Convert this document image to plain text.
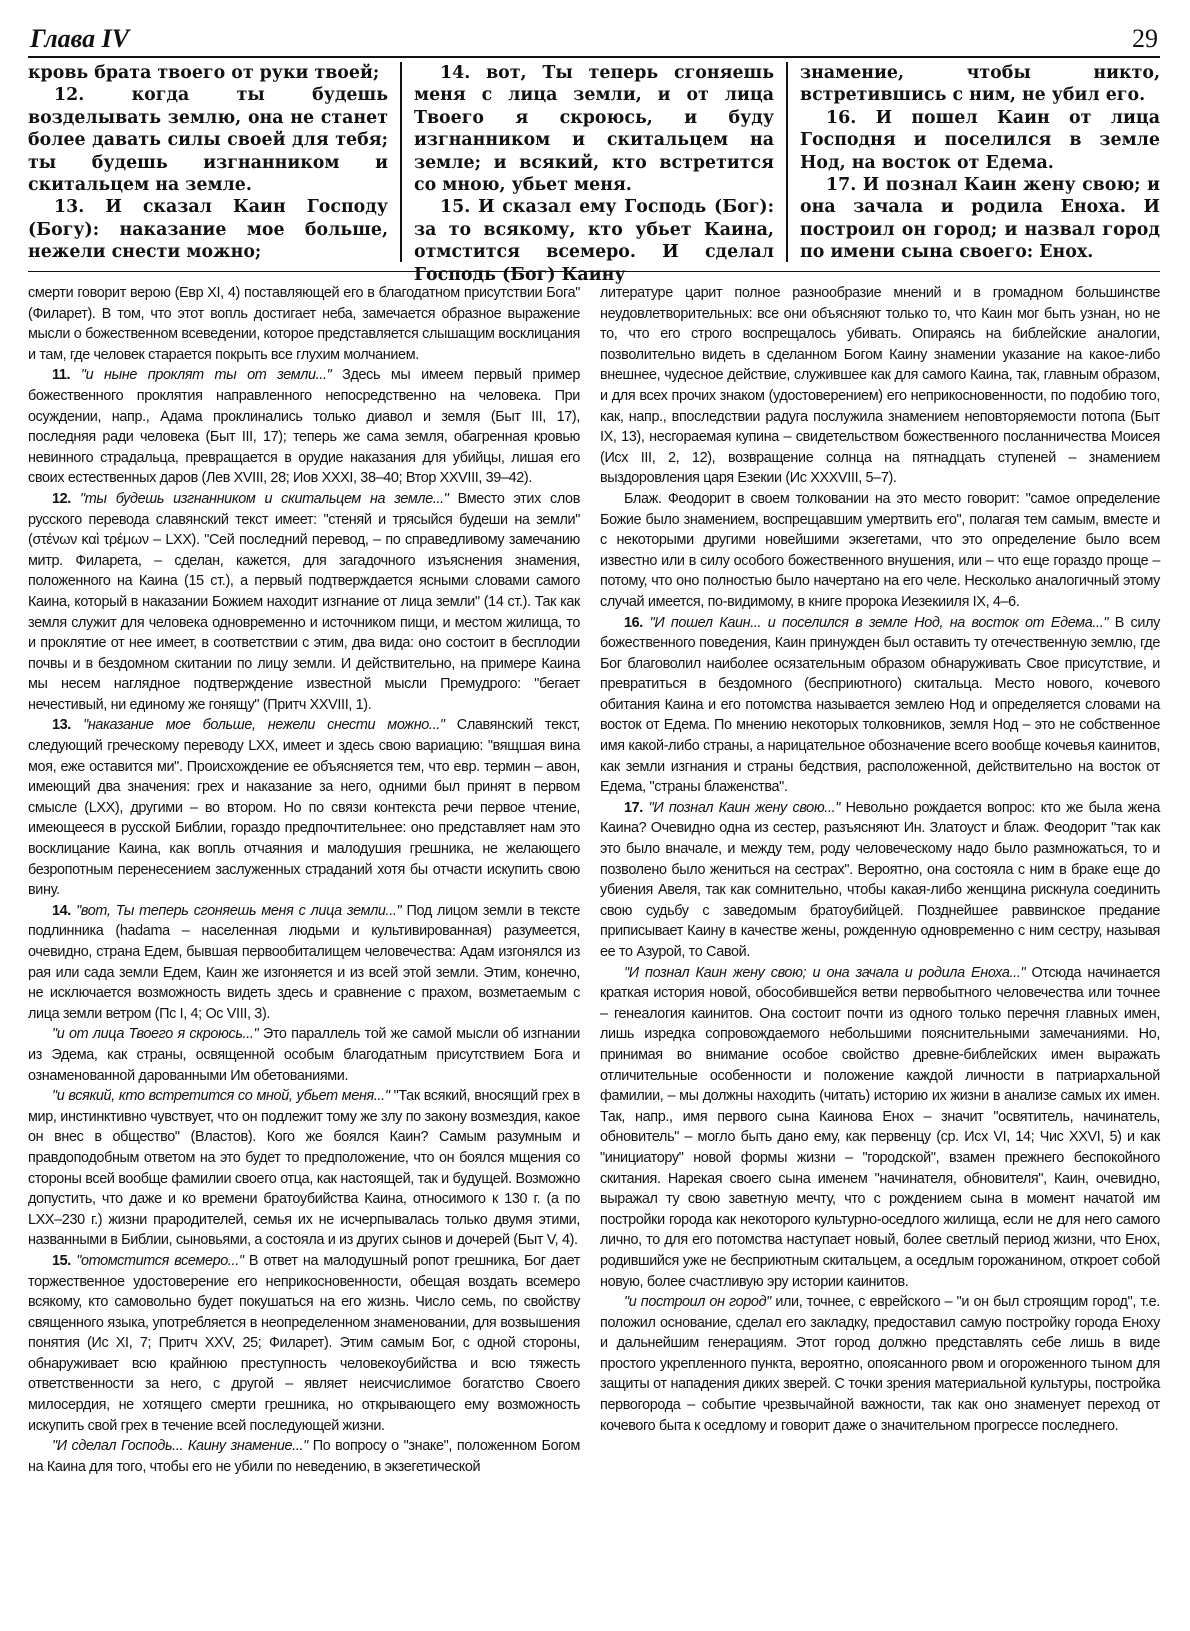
Глава IV	29

кровь брата твоего от руки твоей;

12. когда ты будешь возделывать землю, она не станет более давать силы своей для тебя; ты будешь изгнанником и скитальцем на земле.

13. И сказал Каин Господу (Богу): наказание мое больше, нежели снести можно;

14. вот, Ты теперь сгоняешь меня с лица земли, и от лица Твоего я скроюсь, и буду изгнанником и скитальцем на земле; и всякий, кто встретится со мною, убьет меня.

15. И сказал ему Господь (Бог): за то всякому, кто убьет Каина, отмстится всемеро. И сделал Господь (Бог) Каину

знамение, чтобы никто, встретившись с ним, не убил его.

16. И пошел Каин от лица Господня и поселился в земле Нод, на восток от Едема.

17. И познал Каин жену свою; и она зачала и родила Еноха. И построил он город; и назвал город по имени сына своего: Енох.

смерти говорит верою (Евр XI, 4) поставляющей его в благодатном присутствии Бога" (Филарет). В том, что этот вопль достигает неба, замечается образное выражение мысли о божественном всеведении, которое представляется слышащим восклицания и там, где человек старается покрыть все глухим молчанием.

11. "и ныне проклят ты от земли..." Здесь мы имеем первый пример божественного проклятия направленного непосредственно на человека. При осуждении, напр., Адама проклинались только диавол и земля (Быт III, 17), последняя ради человека (Быт III, 17); теперь же сама земля, обагренная кровью невинного страдальца, превращается в орудие наказания для убийцы, лишая его своих естественных даров (Лев XVIII, 28; Иов XXXI, 38–40; Втор XXVIII, 39–42).

12. "ты будешь изгнанником и скитальцем на земле..." Вместо этих слов русского перевода славянский текст имеет: "стеняй и трясыйся будеши на земли" (στένων καὶ τρέμων – LXX). "Сей последний перевод, – по справедливому замечанию митр. Филарета, – сделан, кажется, для загадочного изъяснения знамения, положенного на Каина (15 ст.), а первый подтверждается ясными словами самого Каина, который в наказании Божием находит изгнание от лица земли" (14 ст.). Так как земля служит для человека одновременно и источником пищи, и местом жилища, то и проклятие от нее имеет, в соответствии с этим, два вида: оно состоит в бесплодии почвы и в бездомном скитании по лицу земли. И действительно, на примере Каина мы несем наглядное подтверждение известной мысли Премудрого: "бегает нечестивый, ни единому же гонящу" (Притч XXVIII, 1).

13. "наказание мое больше, нежели снести можно..." Славянский текст, следующий греческому переводу LXX, имеет и здесь свою вариацию: "вящшая вина моя, еже оставится ми". Происхождение ее объясняется тем, что евр. термин – авон, имеющий два значения: грех и наказание за него, одними был принят в первом смысле (LXX), другими – во втором. Но по связи контекста речи первое чтение, имеющееся в русской Библии, гораздо предпочтительнее: оно представляет нам это восклицание Каина, как вопль отчаяния и малодушия грешника, не желающего безропотным перенесением заслуженных страданий хотя бы отчасти искупить свою вину.

14. "вот, Ты теперь сгоняешь меня с лица земли..." Под лицом земли в тексте подлинника (hadama – населенная людьми и культивированная) разумеется, очевидно, страна Едем, бывшая первообиталищем человечества: Адам изгонялся из рая или сада земли Едем, Каин же изгоняется и из всей этой земли. Этим, конечно, не исключается возможность видеть здесь и сравнение с прахом, возметаемым с лица земли ветром (Пс I, 4; Ос VIII, 3).

"и от лица Твоего я скроюсь..." Это параллель той же самой мысли об изгнании из Эдема, как страны, освященной особым благодатным присутствием Бога и ознаменованной дарованными Им обетованиями.

"и всякий, кто встретится со мной, убьет меня..." "Так всякий, вносящий грех в мир, инстинктивно чувствует, что он подлежит тому же злу по закону возмездия, какое он внес в общество" (Властов). Кого же боялся Каин? Самым разумным и правдоподобным ответом на это будет то предположение, что он боялся мщения со стороны всей вообще фамилии своего отца, как настоящей, так и будущей. Возможно допустить, что даже и ко времени братоубийства Каина, относимого к 130 г. (а по LXX–230 г.) жизни прародителей, семья их не исчерпывалась только двумя этими, названными в Библии, сыновьями, а состояла и из других сынов и дочерей (Быт V, 4).

15. "отомстится всемеро..." В ответ на малодушный ропот грешника, Бог дает торжественное удостоверение его неприкосновенности, обещая воздать всемеро всякому, кто самовольно будет покушаться на его жизнь. Число семь, по свойству священного языка, употребляется в неопределенном знаменовании, для возвышения понятия (Ис XI, 7; Притч XXV, 25; Филарет). Этим самым Бог, с одной стороны, обнаруживает всю крайнюю преступность человекоубийства и всю тяжесть ответственности за него, с другой – являет неисчислимое богатство Своего милосердия, не хотящего смерти грешника, но открывающего ему возможность искупить свой грех в течение всей последующей жизни.

"И сделал Господь... Каину знамение..." По вопросу о "знаке", положенном Богом на Каина для того, чтобы его не убили по неведению, в экзегетической

литературе царит полное разнообразие мнений и в громадном большинстве неудовлетворительных: все они объясняют только то, что Каин мог быть узнан, но не то, что его строго воспрещалось убивать. Опираясь на библейские аналогии, позволительно видеть в сделанном Богом Каину знамении указание на какое-либо внешнее, чудесное действие, служившее как для самого Каина, так, главным образом, и для всех прочих знаком (удостоверением) его неприкосновенности, по подобию того, как, напр., впоследствии радуга послужила знамением неповторяемости потопа (Быт IX, 13), несгораемая купина – свидетельством божественного посланничества Моисея (Исх III, 2, 12), возвращение солнца на пятнадцать ступеней – знамением выздоровления царя Езекии (Ис XXXVIII, 5–7).

Блаж. Феодорит в своем толковании на это место говорит: "самое определение Божие было знамением, воспрещавшим умертвить его", полагая тем самым, вместе и с некоторыми другими новейшими экзегетами, что это определение было всем известно или в силу особого божественного внушения, или – что еще гораздо проще – потому, что оно полностью было начертано на его челе. Несколько аналогичный этому случай имеется, по-видимому, в книге пророка Иезекииля IX, 4–6.

16. "И пошел Каин... и поселился в земле Нод, на восток от Едема..." В силу божественного поведения, Каин принужден был оставить ту отечественную землю, где Бог благоволил наиболее осязательным образом обнаруживать Свое присутствие, и превратиться в бездомного (бесприютного) скитальца. Место нового, кочевого обитания Каина и его потомства называется землею Нод и определяется словами на восток от Едема. По мнению некоторых толковников, земля Нод – это не собственное имя какой-либо страны, а нарицательное обозначение всего вообще кочевья каинитов, как земли изгнания и страны бедствия, расположенной, действительно на восток от Едема, "страны блаженства".

17. "И познал Каин жену свою..." Невольно рождается вопрос: кто же была жена Каина? Очевидно одна из сестер, разъясняют Ин. Златоуст и блаж. Феодорит "так как это было вначале, и между тем, роду человеческому надо было размножаться, то и позволено было жениться на сестрах". Вероятно, она состояла с ним в браке еще до убиения Авеля, так как сомнительно, чтобы какая-либо женщина рискнула соединить свою судьбу с заведомым братоубийцей. Позднейшее раввинское предание приписывает Каину в качестве жены, рожденную одновременно с ним сестру, называя ее то Азурой, то Савой.

"И познал Каин жену свою; и она зачала и родила Еноха..." Отсюда начинается краткая история новой, обособившейся ветви первобытного человечества или точнее – генеалогия каинитов. Она состоит почти из одного только перечня главных имен, лишь изредка сопровождаемого небольшими пояснительными замечаниями. Но, принимая во внимание особое свойство древне-библейских имен выражать отличительные особенности и положение каждой личности в патриархальной фамилии, – мы должны находить (читать) историю их жизни в анализе самых их имен. Так, напр., имя первого сына Каинова Енох – значит "освятитель, начинатель, обновитель" – могло быть дано ему, как первенцу (ср. Исх VI, 14; Чис XXVI, 5) и как "инициатору" новой формы жизни – "городской", взамен прежнего беспокойного скитания. Нарекая своего сына именем "начинателя, обновителя", Каин, очевидно, выражал ту свою заветную мечту, что с рождением сына в момент начатой им постройки города как некоторого культурно-оседлого жилища, если не для него самого лично, то для его потомства наступает новый, более светлый период жизни, что Енох, родившийся уже не бесприютным скитальцем, а оседлым горожанином, откроет собой новую, более счастливую эру истории каинитов.

"и построил он город" или, точнее, с еврейского – "и он был строящим город", т.е. положил основание, сделал его закладку, предоставил самую постройку города Еноху и дальнейшим генерациям. Этот город должно представлять себе лишь в виде простого укрепленного пункта, вероятно, опоясанного рвом и огороженного тыном для защиты от нападения диких зверей. С точки зрения материальной культуры, постройка первогорода – событие чрезвычайной важности, так как оно знаменует переход от кочевого быта к оседлому и говорит даже о значительном прогрессе последнего.
